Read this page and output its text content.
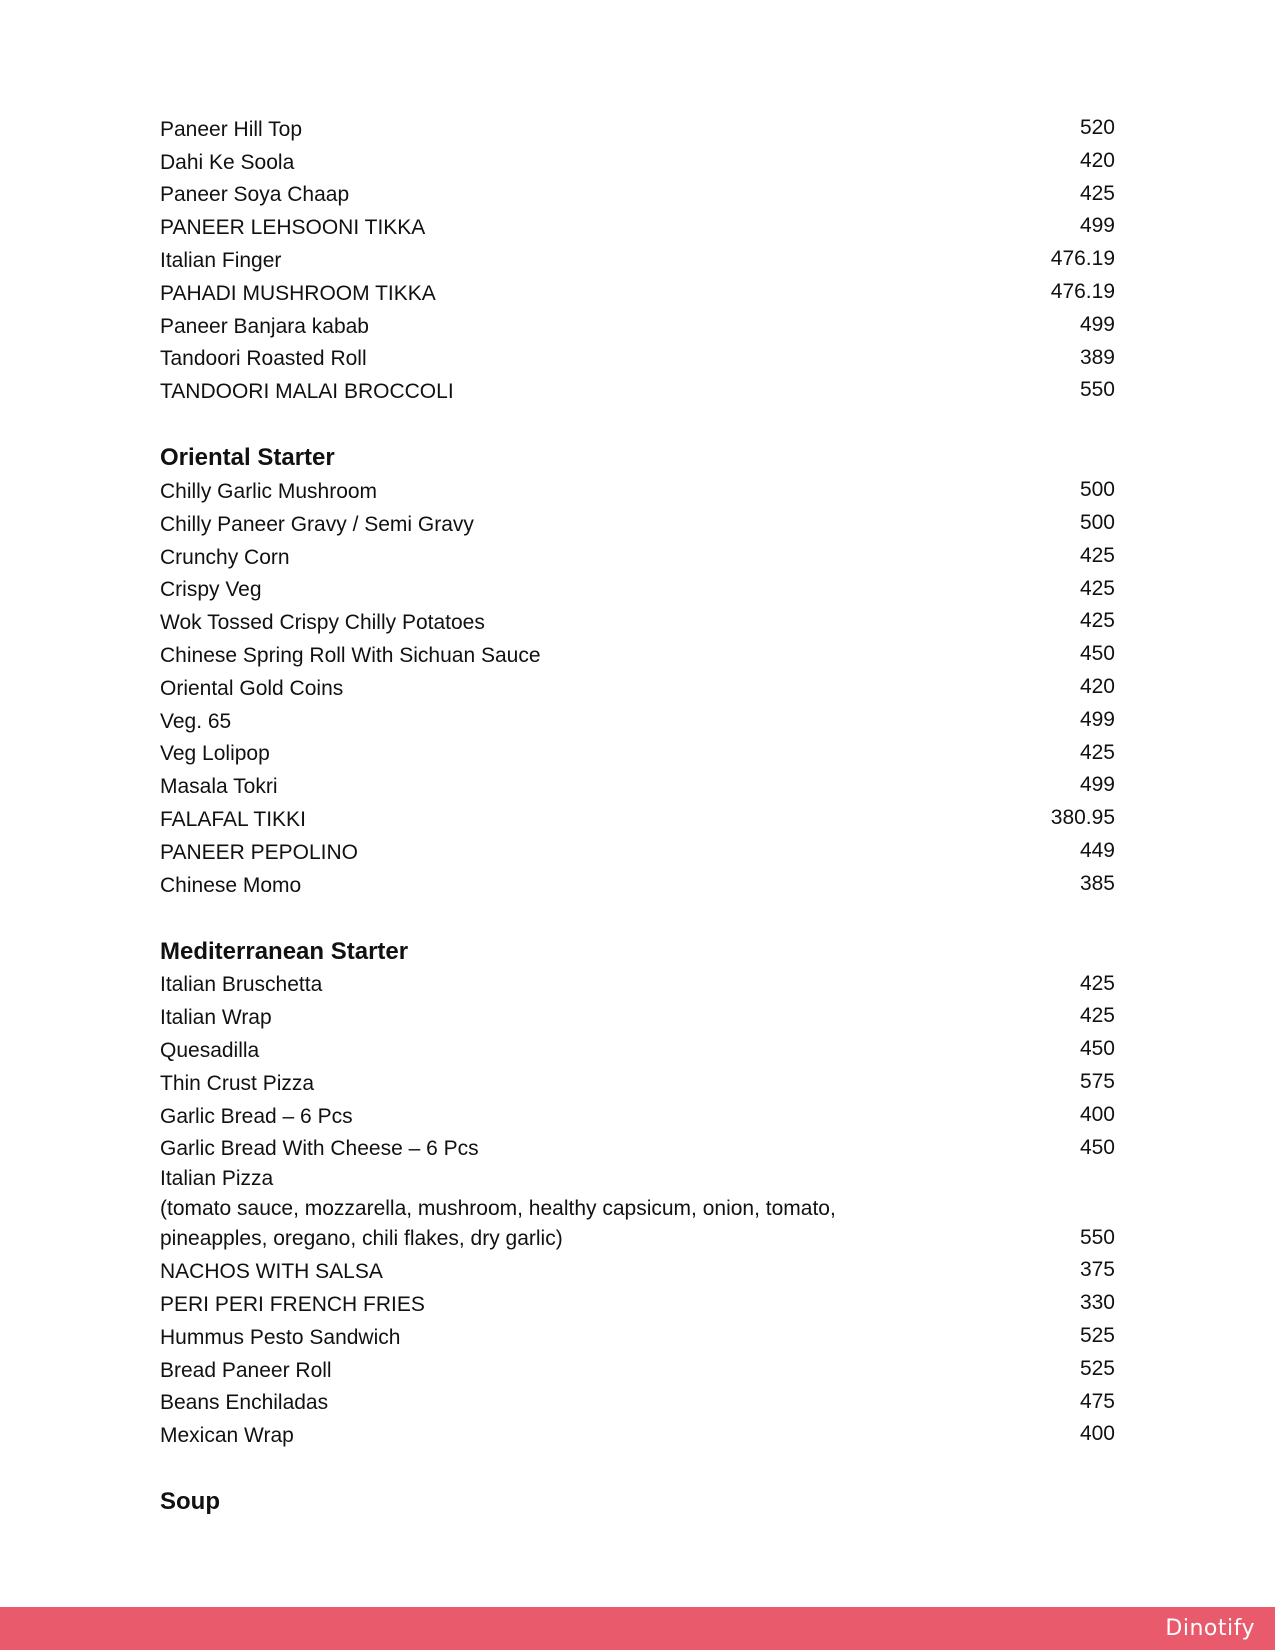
Paneer Hill Top	520
Dahi Ke Soola	420
Paneer Soya Chaap	425
PANEER LEHSOONI TIKKA	499
Italian Finger	476.19
PAHADI MUSHROOM TIKKA	476.19
Paneer Banjara kabab	499
Tandoori Roasted Roll	389
TANDOORI MALAI BROCCOLI	550
Oriental Starter
Chilly Garlic Mushroom	500
Chilly Paneer Gravy / Semi Gravy	500
Crunchy Corn	425
Crispy Veg	425
Wok Tossed Crispy Chilly Potatoes	425
Chinese Spring Roll With Sichuan Sauce	450
Oriental Gold Coins	420
Veg. 65	499
Veg Lolipop	425
Masala Tokri	499
FALAFAL TIKKI	380.95
PANEER PEPOLINO	449
Chinese Momo	385
Mediterranean Starter
Italian Bruschetta	425
Italian Wrap	425
Quesadilla	450
Thin Crust Pizza	575
Garlic Bread – 6 Pcs	400
Garlic Bread With Cheese – 6 Pcs	450
Italian Pizza
(tomato sauce, mozzarella, mushroom, healthy capsicum, onion, tomato,
pineapples, oregano, chili flakes, dry garlic)	550
NACHOS WITH SALSA	375
PERI PERI FRENCH FRIES	330
Hummus Pesto Sandwich	525
Bread Paneer Roll	525
Beans Enchiladas	475
Mexican Wrap	400
Soup
Dinotify
